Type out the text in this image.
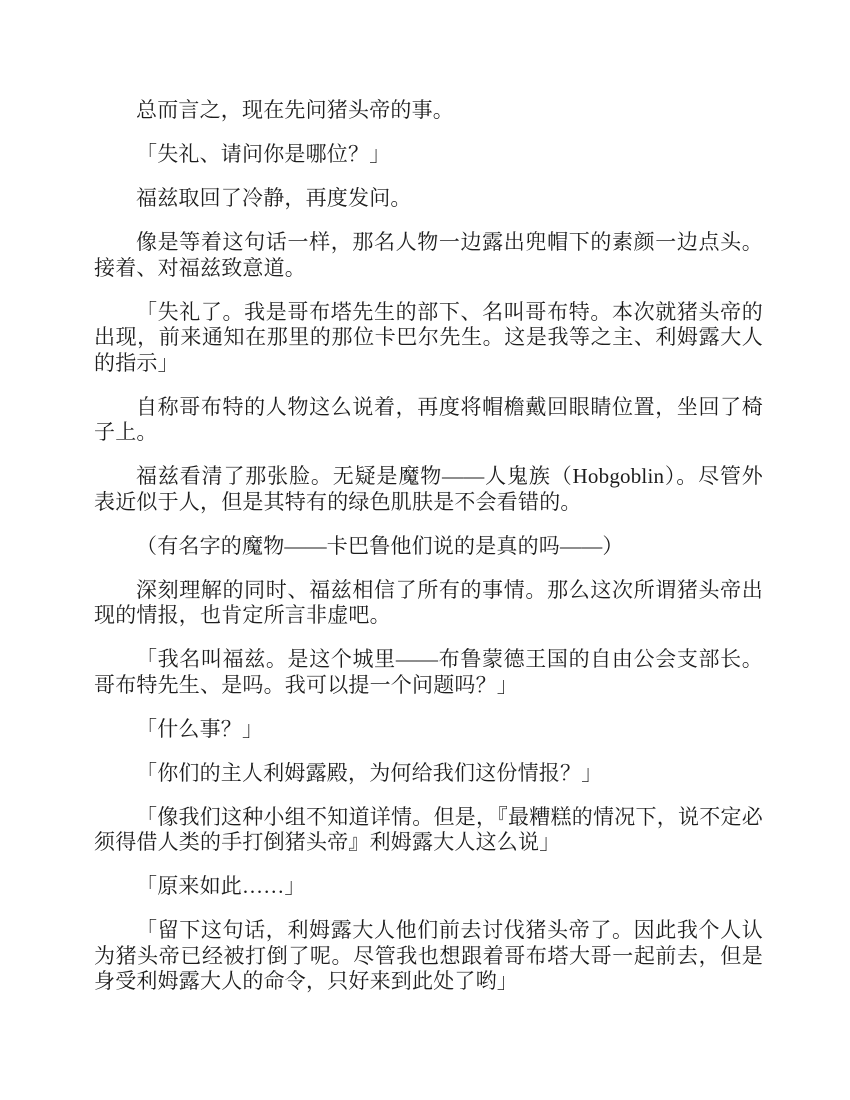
总而言之，现在先问猪头帝的事。

「失礼、请问你是哪位？」

福兹取回了冷静，再度发问。

像是等着这句话一样，那名人物一边露出兜帽下的素颜一边点头。接着、对福兹致意道。

「失礼了。我是哥布塔先生的部下、名叫哥布特。本次就猪头帝的出现，前来通知在那里的那位卡巴尔先生。这是我等之主、利姆露大人的指示」

自称哥布特的人物这么说着，再度将帽檐戴回眼睛位置，坐回了椅子上。

福兹看清了那张脸。无疑是魔物——人鬼族（Hobgoblin）。尽管外表近似于人，但是其特有的绿色肌肤是不会看错的。

（有名字的魔物——卡巴鲁他们说的是真的吗——）

深刻理解的同时、福兹相信了所有的事情。那么这次所谓猪头帝出现的情报，也肯定所言非虚吧。

「我名叫福兹。是这个城里——布鲁蒙德王国的自由公会支部长。哥布特先生、是吗。我可以提一个问题吗？」

「什么事？」

「你们的主人利姆露殿，为何给我们这份情报？」

「像我们这种小组不知道详情。但是，『最糟糕的情况下，说不定必须得借人类的手打倒猪头帝』利姆露大人这么说」

「原来如此……」

「留下这句话，利姆露大人他们前去讨伐猪头帝了。因此我个人认为猪头帝已经被打倒了呢。尽管我也想跟着哥布塔大哥一起前去，但是身受利姆露大人的命令，只好来到此处了哟」
